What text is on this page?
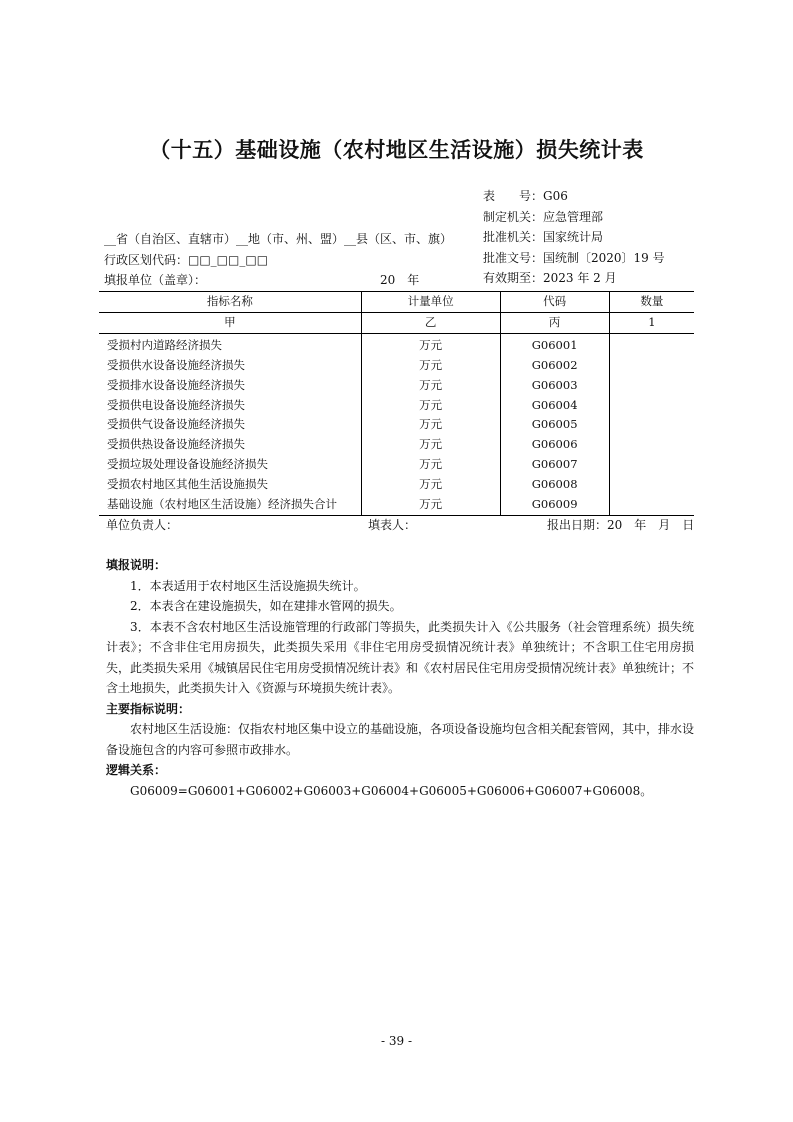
（十五）基础设施（农村地区生活设施）损失统计表
表　　号：G06
制定机关：应急管理部
批准机关：国家统计局
批准文号：国统制〔2020〕19 号
有效期至：2023 年 2 月
__省（自治区、直辖市）__地（市、州、盟）__县（区、市、旗）
行政区划代码：□□_□□_□□
填报单位（盖章）：	20　年
指标名称	计量单位	代码	数量
甲	乙	丙	1
受损村内道路经济损失	万元	G06001	
受损供水设备设施经济损失	万元	G06002	
受损排水设备设施经济损失	万元	G06003	
受损供电设备设施经济损失	万元	G06004	
受损供气设备设施经济损失	万元	G06005	
受损供热设备设施经济损失	万元	G06006	
受损垃圾处理设备设施经济损失	万元	G06007	
受损农村地区其他生活设施损失	万元	G06008	
基础设施（农村地区生活设施）经济损失合计	万元	G06009	
单位负责人：	填表人：	报出日期：20　年　月　日

填报说明：

1．本表适用于农村地区生活设施损失统计。

2．本表含在建设施损失，如在建排水管网的损失。

3．本表不含农村地区生活设施管理的行政部门等损失，此类损失计入《公共服务（社会管理系统）损失统计表》；不含非住宅用房损失，此类损失采用《非住宅用房受损情况统计表》单独统计；不含职工住宅用房损失，此类损失采用《城镇居民住宅用房受损情况统计表》和《农村居民住宅用房受损情况统计表》单独统计；不含土地损失，此类损失计入《资源与环境损失统计表》。

主要指标说明：

农村地区生活设施：仅指农村地区集中设立的基础设施，各项设备设施均包含相关配套管网，其中，排水设备设施包含的内容可参照市政排水。

逻辑关系：

G06009=G06001+G06002+G06003+G06004+G06005+G06006+G06007+G06008。

- 39 -
